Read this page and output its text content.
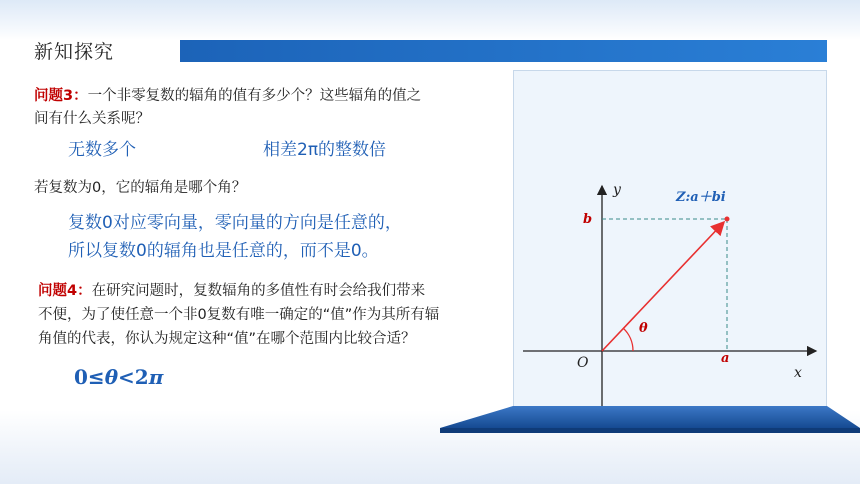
新知探究
问题3：一个非零复数的辐角的值有多少个？这些辐角的值之
间有什么关系呢？
无数多个	相差2π的整数倍
若复数为0，它的辐角是哪个角？
复数0对应零向量，零向量的方向是任意的，
所以复数0的辐角也是任意的，而不是0。
问题4：在研究问题时，复数辐角的多值性有时会给我们带来
不便，为了使任意一个非0复数有唯一确定的“值”作为其所有辐
角值的代表，你认为规定这种“值”在哪个范围内比较合适？
0≤θ<2π
y
x
O
b
a
θ
Z:a＋bi
